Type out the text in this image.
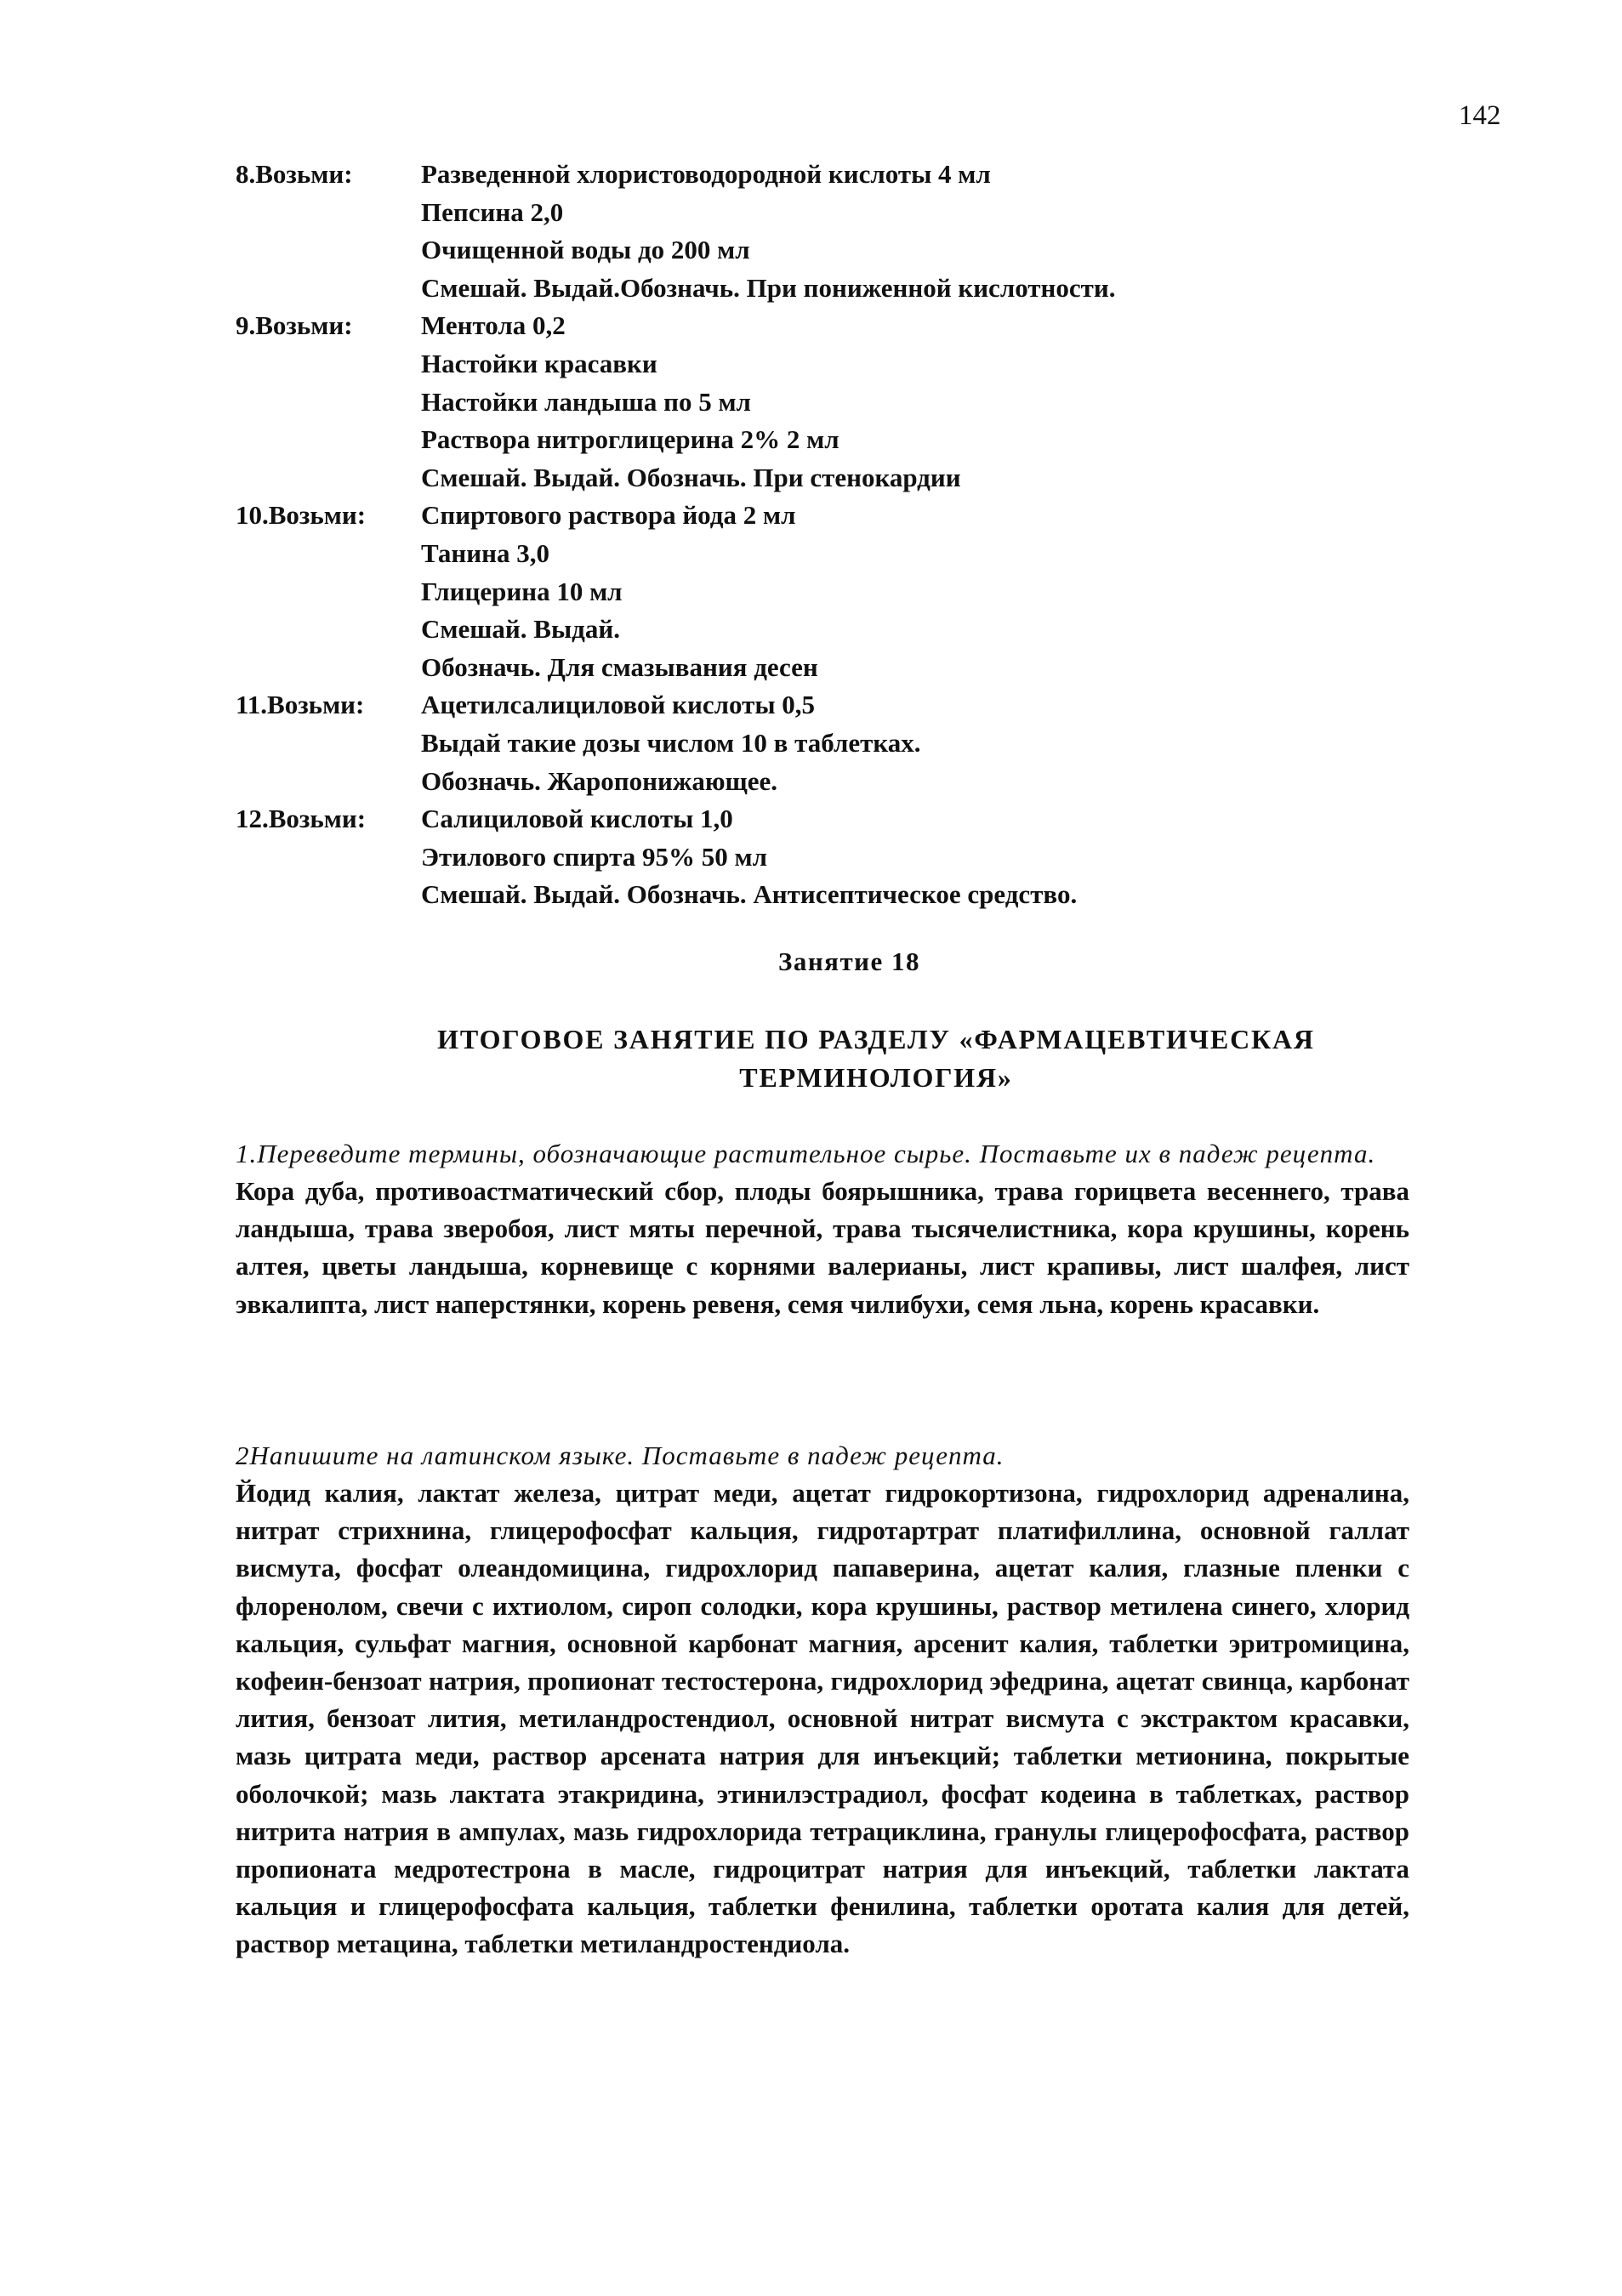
142
8.Возьми:	Разведенной хлористоводородной кислоты 4 мл
Пепсина 2,0
Очищенной воды до 200 мл
Смешай. Выдай.Обозначь. При пониженной кислотности.
9.Возьми:	Ментола 0,2
Настойки красавки
Настойки ландыша по 5 мл
Раствора нитроглицерина 2% 2 мл
Смешай. Выдай. Обозначь. При стенокардии
10.Возьми:	Спиртового раствора йода 2 мл
Танина 3,0
Глицерина 10 мл
Смешай. Выдай.
Обозначь. Для смазывания десен
11.Возьми:	Ацетилсалициловой кислоты 0,5
Выдай такие дозы числом 10 в таблетках.
Обозначь. Жаропонижающее.
12.Возьми:	Салициловой кислоты 1,0
Этилового спирта 95% 50 мл
Смешай. Выдай. Обозначь. Антисептическое средство.
Занятие 18
ИТОГОВОЕ ЗАНЯТИЕ ПО РАЗДЕЛУ «ФАРМАЦЕВТИЧЕСКАЯ
ТЕРМИНОЛОГИЯ»
1.Переведите термины, обозначающие растительное сырье. Поставьте их в падеж рецепта.
Кора дуба, противоастматический сбор, плоды боярышника, трава горицвета весеннего, трава ландыша, трава зверобоя, лист мяты перечной, трава тысячелистника, кора крушины, корень алтея, цветы ландыша, корневище с корнями валерианы, лист крапивы, лист шалфея, лист эвкалипта, лист наперстянки, корень ревеня, семя чилибухи, семя льна, корень красавки.
2Напишите на латинском языке. Поставьте в падеж рецепта.
Йодид калия, лактат железа, цитрат меди, ацетат гидрокортизона, гидрохлорид адреналина, нитрат стрихнина, глицерофосфат кальция, гидротартрат платифиллина, основной галлат висмута, фосфат олеандомицина, гидрохлорид папаверина, ацетат калия, глазные пленки с флоренолом, свечи с ихтиолом, сироп солодки, кора крушины, раствор метилена синего, хлорид кальция, сульфат магния, основной карбонат магния, арсенит калия, таблетки эритромицина, кофеин-бензоат натрия, пропионат тестостерона, гидрохлорид эфедрина, ацетат свинца, карбонат лития, бензоат лития, метиландростендиол, основной нитрат висмута с экстрактом красавки, мазь цитрата меди, раствор арсената натрия для инъекций; таблетки метионина, покрытые оболочкой; мазь лактата этакридина, этинилэстрадиол, фосфат кодеина в таблетках, раствор нитрита натрия в ампулах, мазь гидрохлорида тетрациклина, гранулы глицерофосфата, раствор пропионата медротестрона в масле, гидроцитрат натрия для инъекций, таблетки лактата кальция и глицерофосфата кальция, таблетки фенилина, таблетки оротата калия для детей, раствор метацина, таблетки метиландростендиола.
